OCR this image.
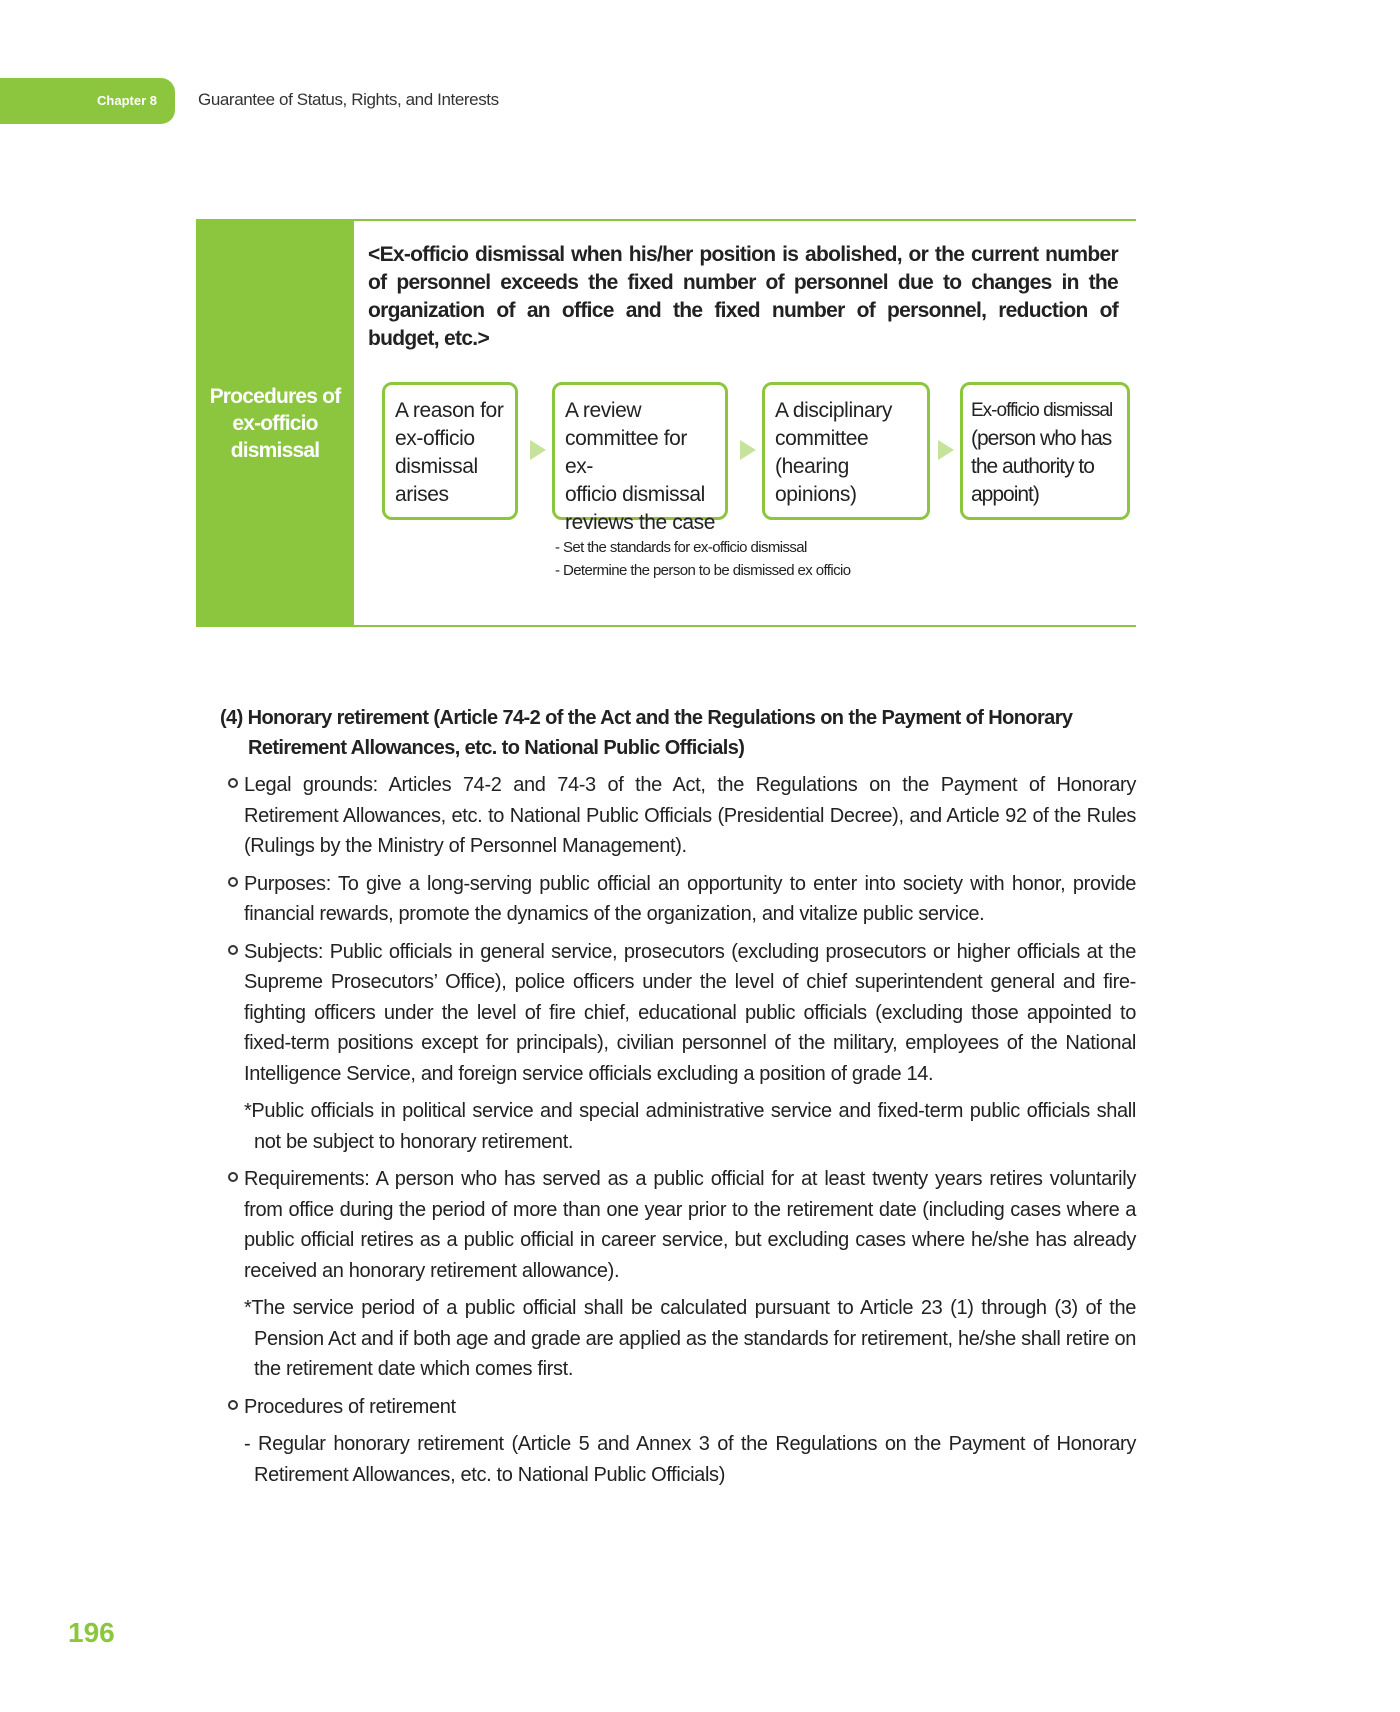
Chapter 8	Guarantee of Status, Rights, and Interests
Procedures of ex-officio dismissal
<Ex-officio dismissal when his/her position is abolished, or the current number of personnel exceeds the fixed number of personnel due to changes in the organization of an office and the fixed number of personnel, reduction of budget, etc.>
A reason for
ex-officio
dismissal
arises
A review
committee for ex-
officio dismissal
reviews the case
A disciplinary
committee
(hearing
opinions)
Ex-officio dismissal
(person who has
the authority to
appoint)
- Set the standards for ex-officio dismissal
- Determine the person to be dismissed ex officio
(4) Honorary retirement (Article 74-2 of the Act and the Regulations on the Payment of Honorary Retirement Allowances, etc. to National Public Officials)
Legal grounds: Articles 74-2 and 74-3 of the Act, the Regulations on the Payment of Honorary Retirement Allowances, etc. to National Public Officials (Presidential Decree), and Article 92 of the Rules (Rulings by the Ministry of Personnel Management).
Purposes: To give a long-serving public official an opportunity to enter into society with honor, provide financial rewards, promote the dynamics of the organization, and vitalize public service.
Subjects: Public officials in general service, prosecutors (excluding prosecutors or higher officials at the Supreme Prosecutors’ Office), police officers under the level of chief superintendent general and fire-fighting officers under the level of fire chief, educational public officials (excluding those appointed to fixed-term positions except for principals), civilian personnel of the military, employees of the National Intelligence Service, and foreign service officials excluding a position of grade 14.
*Public officials in political service and special administrative service and fixed-term public officials shall not be subject to honorary retirement.
Requirements: A person who has served as a public official for at least twenty years retires voluntarily from office during the period of more than one year prior to the retirement date (including cases where a public official retires as a public official in career service, but excluding cases where he/she has already received an honorary retirement allowance).
*The service period of a public official shall be calculated pursuant to Article 23 (1) through (3) of the Pension Act and if both age and grade are applied as the standards for retirement, he/she shall retire on the retirement date which comes first.
Procedures of retirement
- Regular honorary retirement (Article 5 and Annex 3 of the Regulations on the Payment of Honorary Retirement Allowances, etc. to National Public Officials)
196
